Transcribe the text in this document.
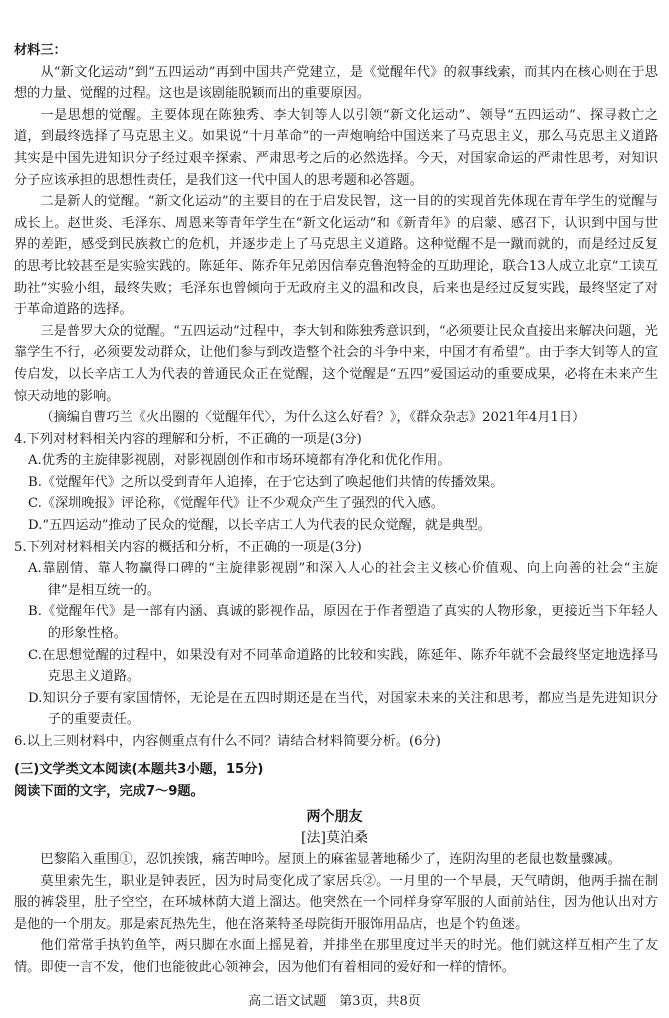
材料三：

从“新文化运动”到“五四运动”再到中国共产党建立，是《觉醒年代》的叙事线索，而其内在核心则在于思想的力量、觉醒的过程。这也是该剧能脱颖而出的重要原因。

一是思想的觉醒。主要体现在陈独秀、李大钊等人以引领“新文化运动”、领导“五四运动”、探寻救亡之道，到最终选择了马克思主义。如果说“十月革命”的一声炮响给中国送来了马克思主义，那么马克思主义道路其实是中国先进知识分子经过艰辛探索、严肃思考之后的必然选择。今天，对国家命运的严肃性思考，对知识分子应该承担的思想性责任，是我们这一代中国人的思考题和必答题。

二是新人的觉醒。“新文化运动”的主要目的在于启发民智，这一目的的实现首先体现在青年学生的觉醒与成长上。赵世炎、毛泽东、周恩来等青年学生在“新文化运动”和《新青年》的启蒙、感召下，认识到中国与世界的差距，感受到民族救亡的危机，并逐步走上了马克思主义道路。这种觉醒不是一蹴而就的，而是经过反复的思考比较甚至是实验实践的。陈延年、陈乔年兄弟因信奉克鲁泡特金的互助理论，联合13人成立北京“工读互助社”实验小组，最终失败；毛泽东也曾倾向于无政府主义的温和改良，后来也是经过反复实践，最终坚定了对于革命道路的选择。

三是普罗大众的觉醒。“五四运动”过程中，李大钊和陈独秀意识到，“必须要让民众直接出来解决问题，光靠学生不行，必须要发动群众，让他们参与到改造整个社会的斗争中来，中国才有希望”。由于李大钊等人的宣传启发，以长辛店工人为代表的普通民众正在觉醒，这个觉醒是“五四”爱国运动的重要成果，必将在未来产生惊天动地的影响。

（摘编自曹巧兰《火出圈的〈觉醒年代〉，为什么这么好看？》，《群众杂志》2021年4月1日）

4.下列对材料相关内容的理解和分析，不正确的一项是(3分)

A.优秀的主旋律影视剧，对影视剧创作和市场环境都有净化和优化作用。

B.《觉醒年代》之所以受到青年人追捧，在于它达到了唤起他们共情的传播效果。

C.《深圳晚报》评论称，《觉醒年代》让不少观众产生了强烈的代入感。

D.“五四运动”推动了民众的觉醒，以长辛店工人为代表的民众觉醒，就是典型。

5.下列对材料相关内容的概括和分析，不正确的一项是(3分)

A.靠剧情、靠人物赢得口碑的“主旋律影视剧”和深入人心的社会主义核心价值观、向上向善的社会“主旋律”是相互统一的。

B.《觉醒年代》是一部有内涵、真诚的影视作品，原因在于作者塑造了真实的人物形象，更接近当下年轻人的形象性格。

C.在思想觉醒的过程中，如果没有对不同革命道路的比较和实践，陈延年、陈乔年就不会最终坚定地选择马克思主义道路。

D.知识分子要有家国情怀，无论是在五四时期还是在当代，对国家未来的关注和思考，都应当是先进知识分子的重要责任。

6.以上三则材料中，内容侧重点有什么不同？请结合材料简要分析。(6分)

(三)文学类文本阅读(本题共3小题，15分)

阅读下面的文字，完成7～9题。

两个朋友
[法]莫泊桑

巴黎陷入重围①，忍饥挨饿，痛苦呻吟。屋顶上的麻雀显著地稀少了，连阴沟里的老鼠也数量骤减。

莫里索先生，职业是钟表匠，因为时局变化成了家居兵②。一月里的一个早晨，天气晴朗，他两手揣在制服的裤袋里，肚子空空，在环城林荫大道上溜达。他突然在一个同样身穿军服的人面前站住，因为他认出对方是他的一个朋友。那是索瓦热先生，他在洛莱特圣母院街开服饰用品店，也是个钓鱼迷。

他们常常手执钓鱼竿，两只脚在水面上摇晃着，并排坐在那里度过半天的时光。他们就这样互相产生了友情。即使一言不发，他们也能彼此心领神会，因为他们有着相同的爱好和一样的情怀。

高二语文试题　第3页，共8页
